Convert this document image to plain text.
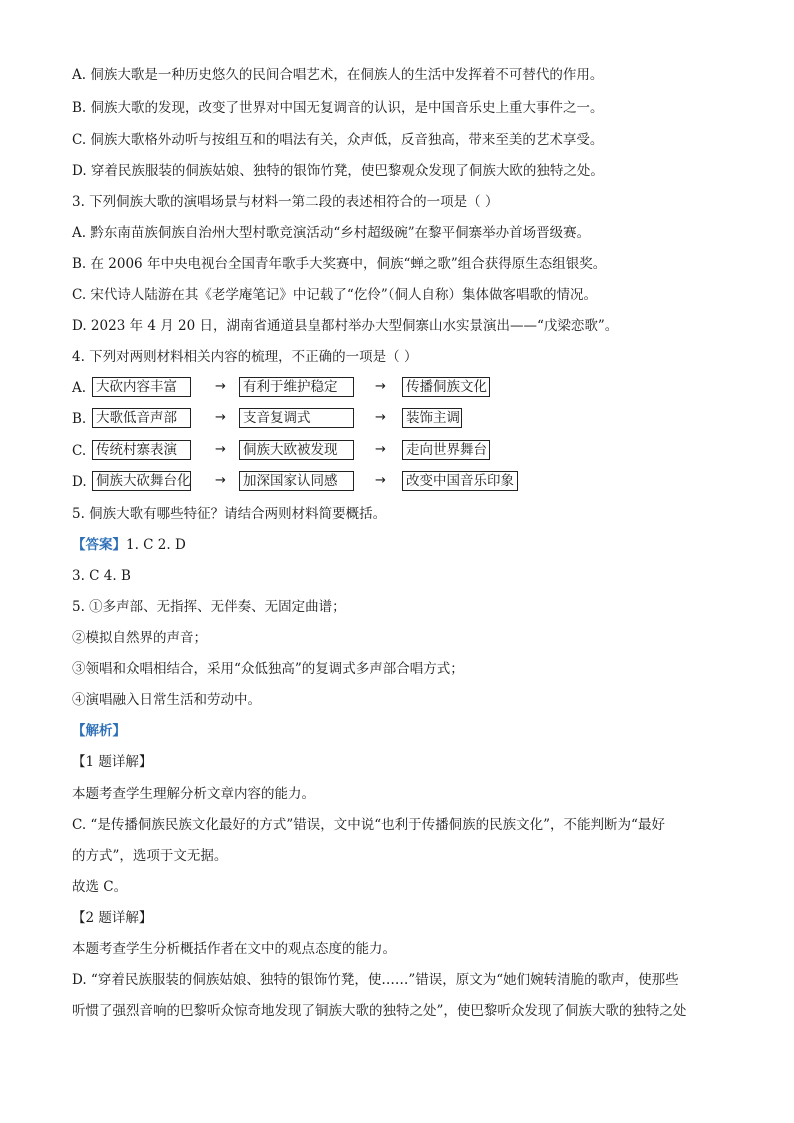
A. 侗族大歌是一种历史悠久的民间合唱艺术，在侗族人的生活中发挥着不可替代的作用。
B. 侗族大歌的发现，改变了世界对中国无复调音的认识，是中国音乐史上重大事件之一。
C. 侗族大歌格外动听与按组互和的唱法有关，众声低，反音独高，带来至美的艺术享受。
D. 穿着民族服装的侗族姑娘、独特的银饰竹凳，使巴黎观众发现了侗族大欧的独特之处。
3. 下列侗族大歌的演唱场景与材料一第二段的表述相符合的一项是（ ）
A. 黔东南苗族侗族自治州大型村歌竞演活动“乡村超级碗”在黎平侗寨举办首场晋级赛。
B. 在 2006 年中央电视台全国青年歌手大奖赛中，侗族“蝉之歌”组合获得原生态组银奖。
C. 宋代诗人陆游在其《老学庵笔记》中记载了“仡伶”（侗人自称）集体做客唱歌的情况。
D. 2023 年 4 月 20 日，湖南省通道县皇都村举办大型侗寨山水实景演出——“戊梁恋歌”。
4. 下列对两则材料相关内容的梳理，不正确的一项是（ ）
A. 大砍内容丰富	→ 有利于维护稳定	→ 传播侗族文化
B. 大歌低音声部	→ 支音复调式	→ 装饰主调
C. 传统村寨表演	→ 侗族大欧被发现	→ 走向世界舞台
D. 侗族大砍舞台化 → 加深国家认同感	→ 改变中国音乐印象
5. 侗族大歌有哪些特征？请结合两则材料简要概括。
【答案】1. C 2. D
3. C 4. B
5. ①多声部、无指挥、无伴奏、无固定曲谱；
②模拟自然界的声音；
③领唱和众唱相结合，采用“众低独高”的复调式多声部合唱方式；
④演唱融入日常生活和劳动中。
【解析】
【1 题详解】
本题考查学生理解分析文章内容的能力。
C. “是传播侗族民族文化最好的方式”错误，文中说“也利于传播侗族的民族文化”，不能判断为“最好
的方式”，选项于文无据。
故选 C。
【2 题详解】
本题考查学生分析概括作者在文中的观点态度的能力。
D. “穿着民族服装的侗族姑娘、独特的银饰竹凳，使……”错误，原文为“她们婉转清脆的歌声，使那些
听惯了强烈音响的巴黎听众惊奇地发现了铜族大歌的独特之处”，使巴黎听众发现了侗族大歌的独特之处
